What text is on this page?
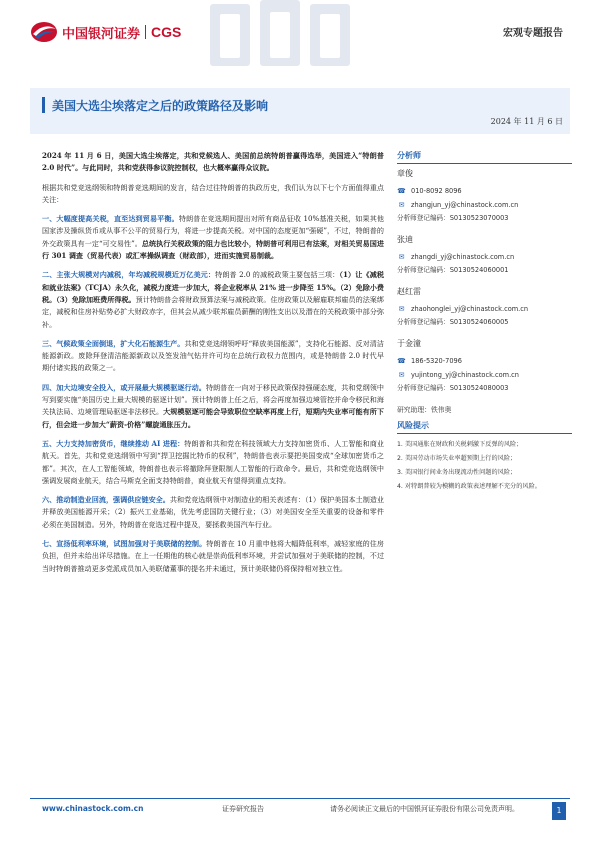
中国银河证券 CGS	宏观专题报告
美国大选尘埃落定之后的政策路径及影响
2024 年 11 月 6 日

2024 年 11 月 6 日，美国大选尘埃落定，共和党候选人、美国前总统特朗普赢得选举，美国进入“特朗普 2.0 时代”。与此同时，共和党获得参议院控制权，也大概率赢得众议院。

根据共和党竞选纲领和特朗普竞选期间的发言，结合过往特朗普的执政历史，我们认为以下七个方面值得重点关注：

一、大幅度提高关税，直至达到贸易平衡。特朗普在竞选期间提出对所有商品征收 10%基准关税，如果其他国家涉及操纵货币或从事不公平的贸易行为，将进一步提高关税。对中国的态度更加“强硬”，不过，特朗普的外交政策具有一定“可交易性”。总统执行关税政策的阻力也比较小，特朗普可利用已有法案，对相关贸易国进行 301 调查（贸易代表）或汇率操纵调查（财政部），进而实施贸易制裁。

二、主张大规模对内减税，年均减税规模近万亿美元：特朗普 2.0 的减税政策主要包括三项：（1）让《减税和就业法案》（TCJA）永久化，减税力度进一步加大，将企业税率从 21% 进一步降至 15%。（2）免除小费税。（3）免除加班费所得税。预计特朗普会将财政预算法案与减税政策。住房政策以及解雇联邦雇员的法案绑定，减税和住房补贴势必扩大财政赤字，但其会从减少联邦雇员薪酬的刚性支出以及潜在的关税政策中部分弥补。

三、气候政策全面倒退，扩大化石能源生产。共和党竞选纲领呼吁“释放美国能源”，支持化石能源、反对清洁能源新政。废除拜登清洁能源新政以及签发油气钻井许可均在总统行政权力范围内，或是特朗普 2.0 时代早期付诸实践的政策之一。

四、加大边境安全投入，或开展最大规模驱逐行动。特朗普在一向对于移民政策保持强硬态度，共和党纲领中写到要实施“美国历史上最大规模的驱逐计划”。预计特朗普上任之后，将会再度加强边境管控并命令移民和海关执法局、边境管理局驱逐非法移民。大规模驱逐可能会导致职位空缺率再度上行，短期内失业率可能有所下行，但会进一步加大“薪资-价格”螺旋通胀压力。

五、大力支持加密货币，继续推动 AI 进程：特朗普和共和党在科技领域大力支持加密货币、人工智能和商业航天。首先，共和党竞选纲领中写到“捍卫挖掘比特币的权利”，特朗普也表示要把美国变成“全球加密货币之都”。其次，在人工智能领域，特朗普也表示将撤除拜登限制人工智能的行政命令。最后，共和党竞选纲领中强调发展商业航天，结合马斯克全面支持特朗普，商业航天有望得到重点支持。

六、推动制造业回流，强调供应链安全。共和党竞选纲领中对制造业的相关表述有：（1）保护美国本土制造业并释放美国能源开采；（2）振兴工业基础，优先考虑国防关键行业；（3）对美国安全至关重要的设备和零件必须在美国制造。另外，特朗普在竞选过程中提及，要拯救美国汽车行业。

七、宣扬低利率环境，试图加强对于美联储的控制。特朗普在 10 月重申他将大幅降低利率，减轻家庭的住房负担，但并未给出详尽措施。在上一任期他的核心就是崇尚低利率环境，并尝试加强对于美联储的控制，不过当时特朗普推动更多党派成员加入美联储董事的提名并未通过，预计美联储仍将保持相对独立性。

分析师
章俊
☎ 010-8092 8096
✉ zhangjun_yj@chinastock.com.cn
分析师登记编码：S0130523070003
张迪
✉ zhangdi_yj@chinastock.com.cn
分析师登记编码：S0130524060001
赵红雷
✉ zhaohonglei_yj@chinastock.com.cn
分析师登记编码：S0130524060005
于金潼
☎ 186-5320-7096
✉ yujintong_yj@chinastock.com.cn
分析师登记编码：S0130524080003
研究助理：铁伟奥
风险提示
1. 美国通胀在财政和关税刺激下反弹的风险；
2. 美国劳动市场失业率超预期上行的风险；
3. 美国银行间业务出现流动性问题的风险；
4. 对特朗普较为模糊的政策表述理解不充分的风险。
www.chinastock.com.cn	证券研究报告	请务必阅读正文最后的中国银河证券股份有限公司免责声明。	1
